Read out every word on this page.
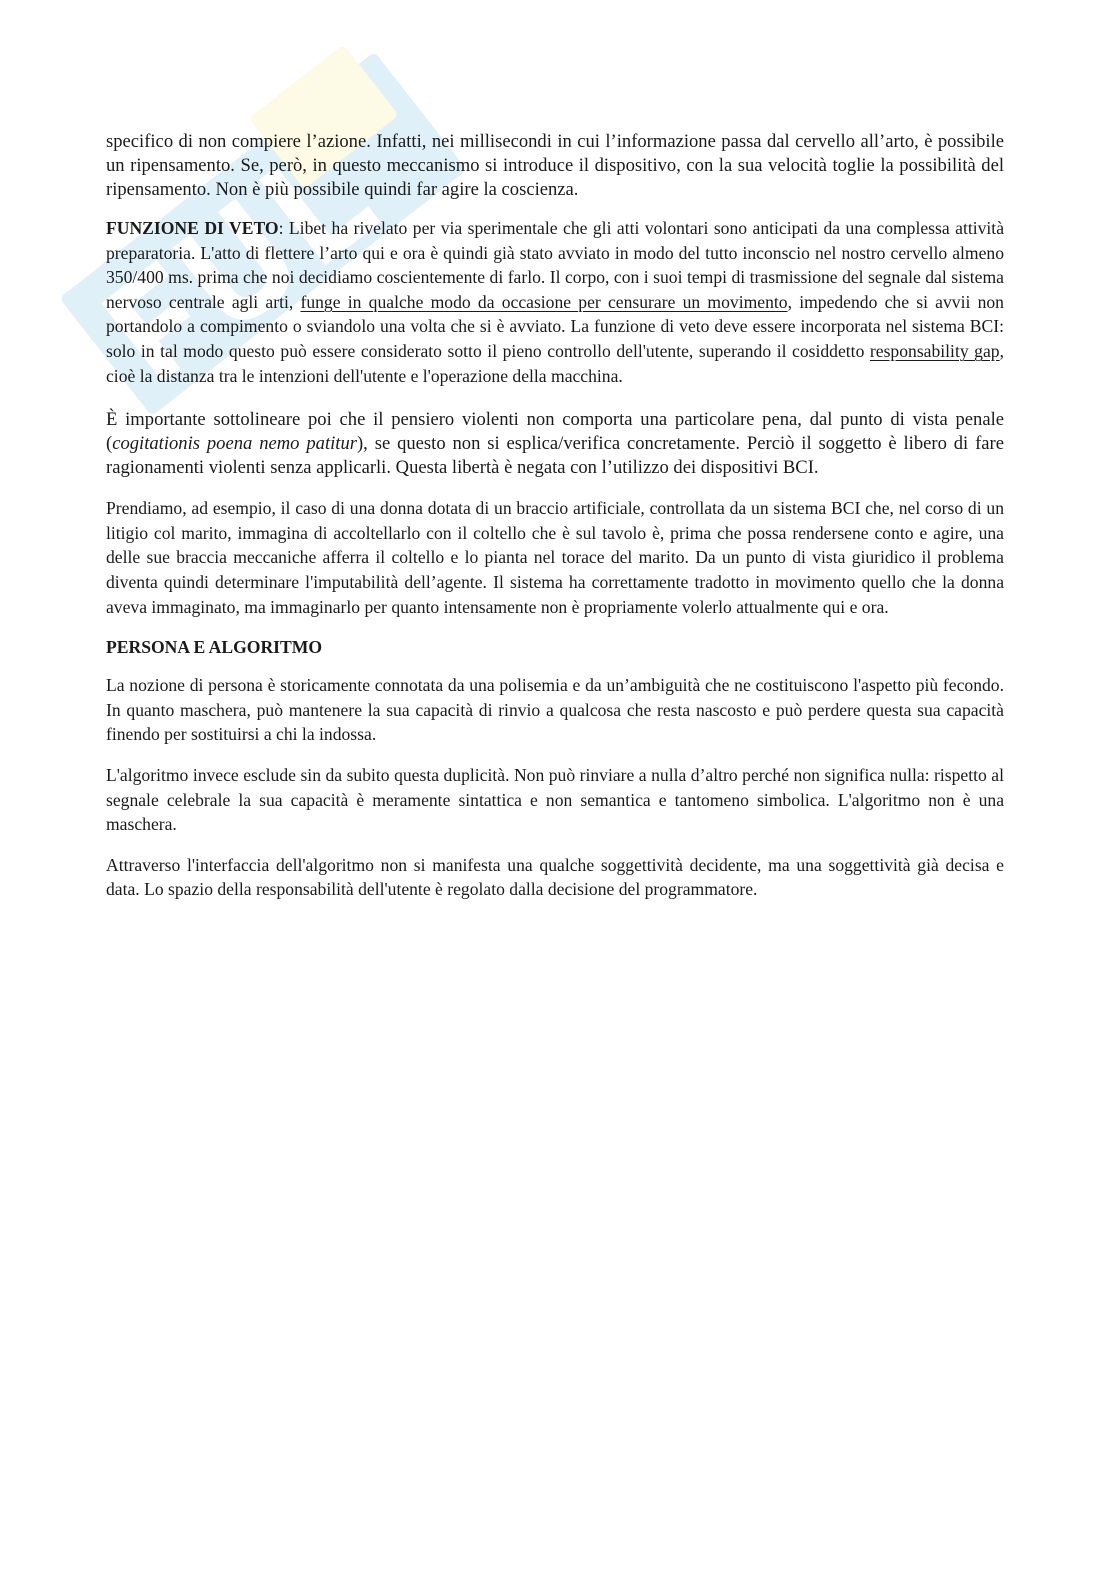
specifico di non compiere l’azione. Infatti, nei millisecondi in cui l’informazione passa dal cervello all’arto, è possibile un ripensamento. Se, però, in questo meccanismo si introduce il dispositivo, con la sua velocità toglie la possibilità del ripensamento. Non è più possibile quindi far agire la coscienza.

FUNZIONE DI VETO: Libet ha rivelato per via sperimentale che gli atti volontari sono anticipati da una complessa attività preparatoria. L'atto di flettere l’arto qui e ora è quindi già stato avviato in modo del tutto inconscio nel nostro cervello almeno 350/400 ms. prima che noi decidiamo coscientemente di farlo. Il corpo, con i suoi tempi di trasmissione del segnale dal sistema nervoso centrale agli arti, funge in qualche modo da occasione per censurare un movimento, impedendo che si avvii non portandolo a compimento o sviandolo una volta che si è avviato. La funzione di veto deve essere incorporata nel sistema BCI: solo in tal modo questo può essere considerato sotto il pieno controllo dell'utente, superando il cosiddetto responsability gap, cioè la distanza tra le intenzioni dell'utente e l'operazione della macchina.

È importante sottolineare poi che il pensiero violenti non comporta una particolare pena, dal punto di vista penale (cogitationis poena nemo patitur), se questo non si esplica/verifica concretamente. Perciò il soggetto è libero di fare ragionamenti violenti senza applicarli. Questa libertà è negata con l’utilizzo dei dispositivi BCI.

Prendiamo, ad esempio, il caso di una donna dotata di un braccio artificiale, controllata da un sistema BCI che, nel corso di un litigio col marito, immagina di accoltellarlo con il coltello che è sul tavolo è, prima che possa rendersene conto e agire, una delle sue braccia meccaniche afferra il coltello e lo pianta nel torace del marito. Da un punto di vista giuridico il problema diventa quindi determinare l'imputabilità dell’agente. Il sistema ha correttamente tradotto in movimento quello che la donna aveva immaginato, ma immaginarlo per quanto intensamente non è propriamente volerlo attualmente qui e ora.

PERSONA E ALGORITMO

La nozione di persona è storicamente connotata da una polisemia e da un’ambiguità che ne costituiscono l'aspetto più fecondo. In quanto maschera, può mantenere la sua capacità di rinvio a qualcosa che resta nascosto e può perdere questa sua capacità finendo per sostituirsi a chi la indossa.

L'algoritmo invece esclude sin da subito questa duplicità. Non può rinviare a nulla d’altro perché non significa nulla: rispetto al segnale celebrale la sua capacità è meramente sintattica e non semantica e tantomeno simbolica. L'algoritmo non è una maschera.

Attraverso l'interfaccia dell'algoritmo non si manifesta una qualche soggettività decidente, ma una soggettività già decisa e data. Lo spazio della responsabilità dell'utente è regolato dalla decisione del programmatore.
